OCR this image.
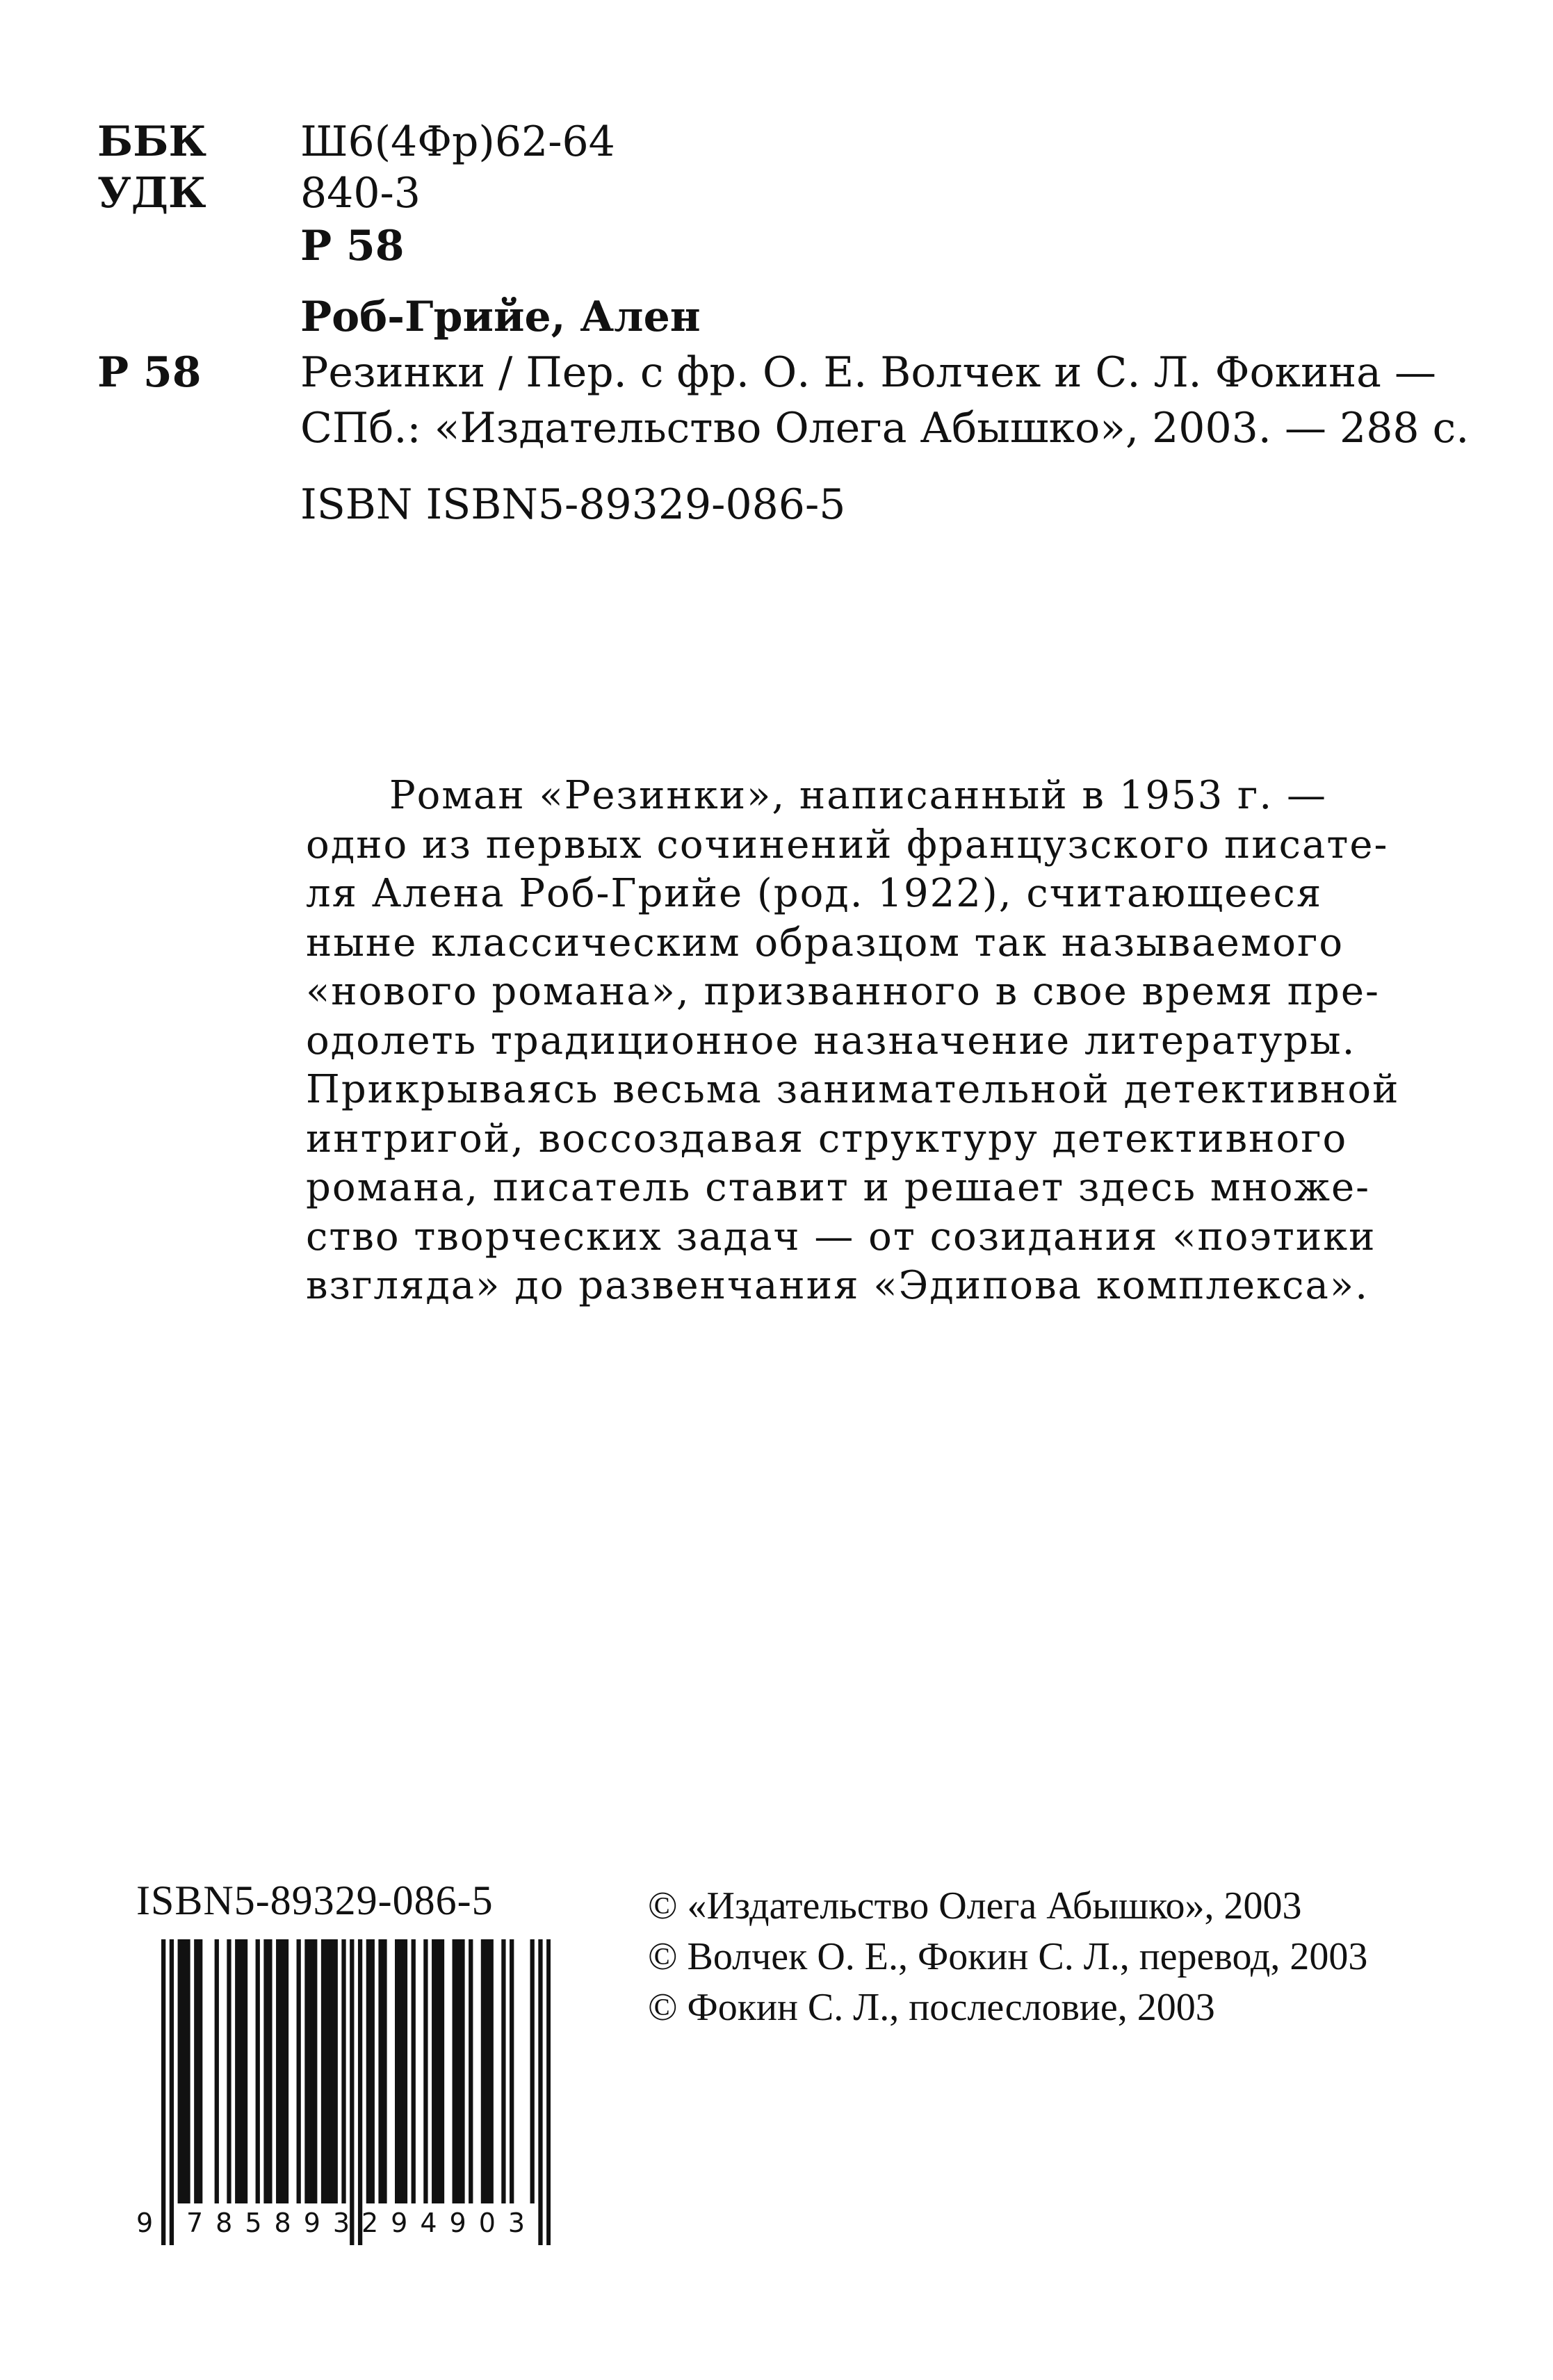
ББК Ш6(4Фр)62-64
УДК 840-3
Р 58
Роб-Грийе, Ален
Р 58 Резинки / Пер. с фр. О. Е. Волчек и С. Л. Фокина —
СПб.: «Издательство Олега Абышко», 2003. — 288 с.
ISBN ISBN5-89329-086-5
Роман «Резинки», написанный в 1953 г. —
одно из первых сочинений французского писате-
ля Алена Роб-Грийе (род. 1922), считающееся
ныне классическим образцом так называемого
«нового романа», призванного в свое время пре-
одолеть традиционное назначение литературы.
Прикрываясь весьма занимательной детективной
интригой, воссоздавая структуру детективного
романа, писатель ставит и решает здесь множе-
ство творческих задач — от созидания «поэтики
взгляда» до развенчания «Эдипова комплекса».
ISBN5-89329-086-5
9 785893
294903
© «Издательство Олега Абышко», 2003
© Волчек О. Е., Фокин С. Л., перевод, 2003
© Фокин С. Л., послесловие, 2003
